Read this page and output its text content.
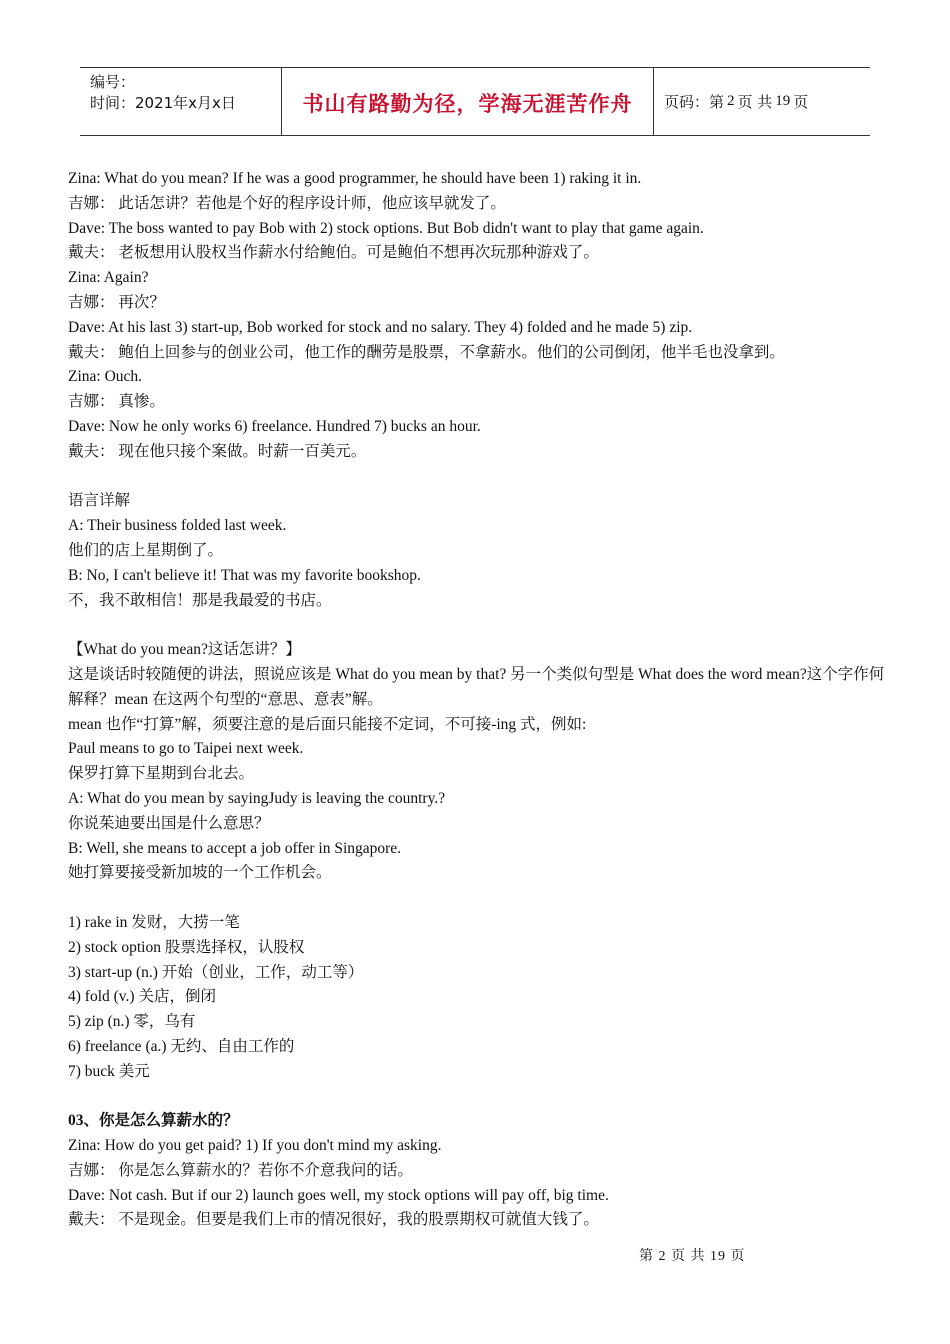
编号：
时间：2021年x月x日	书山有路勤为径，学海无涯苦作舟 页码：第 2 页 共 19 页
Zina: What do you mean? If he was a good programmer, he should have been 1) raking it in.
吉娜： 此话怎讲？若他是个好的程序设计师，他应该早就发了。
Dave: The boss wanted to pay Bob with 2) stock options. But Bob didn't want to play that game again.
戴夫： 老板想用认股权当作薪水付给鲍伯。可是鲍伯不想再次玩那种游戏了。
Zina: Again?
吉娜： 再次？
Dave: At his last 3) start-up, Bob worked for stock and no salary. They 4) folded and he made 5) zip.
戴夫： 鲍伯上回参与的创业公司，他工作的酬劳是股票，不拿薪水。他们的公司倒闭，他半毛也没拿到。
Zina: Ouch.
吉娜： 真惨。
Dave: Now he only works 6) freelance. Hundred 7) bucks an hour.
戴夫： 现在他只接个案做。时薪一百美元。
语言详解
A: Their business folded last week.
他们的店上星期倒了。
B: No, I can't believe it! That was my favorite bookshop.
不，我不敢相信！那是我最爱的书店。
【What do you mean?这话怎讲？】
这是谈话时较随便的讲法，照说应该是 What do you mean by that? 另一个类似句型是 What does the word mean?这个字作何解释？mean 在这两个句型的“意思、意表”解。
mean 也作“打算”解，须要注意的是后面只能接不定词，不可接-ing 式，例如:
Paul means to go to Taipei next week.
保罗打算下星期到台北去。
A: What do you mean by sayingJudy is leaving the country.?
你说茱迪要出国是什么意思？
B: Well, she means to accept a job offer in Singapore.
她打算要接受新加坡的一个工作机会。
1) rake in 发财，大捞一笔
2) stock option 股票选择权，认股权
3) start-up (n.) 开始（创业，工作，动工等）
4) fold (v.) 关店，倒闭
5) zip (n.) 零，乌有
6) freelance (a.) 无约、自由工作的
7) buck 美元
03、你是怎么算薪水的？
Zina: How do you get paid? 1) If you don't mind my asking.
吉娜： 你是怎么算薪水的？若你不介意我问的话。
Dave: Not cash. But if our 2) launch goes well, my stock options will pay off, big time.
戴夫： 不是现金。但要是我们上市的情况很好，我的股票期权可就值大钱了。
第 2 页 共 19 页
